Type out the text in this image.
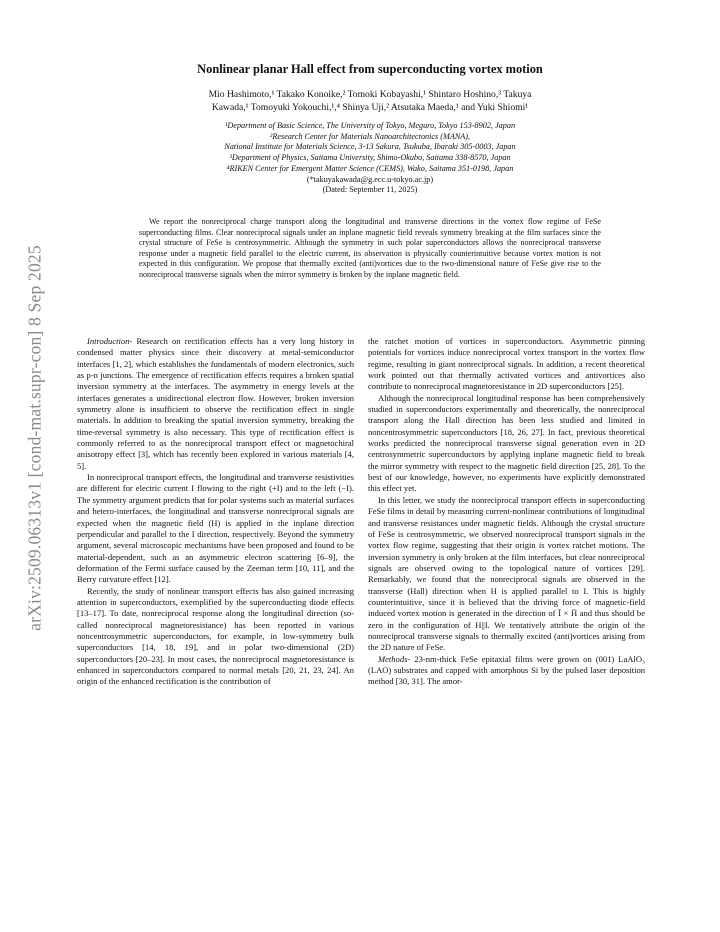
arXiv:2509.06313v1 [cond-mat.supr-con] 8 Sep 2025
Nonlinear planar Hall effect from superconducting vortex motion
Mio Hashimoto,¹ Takako Konoike,² Tomoki Kobayashi,¹ Shintaro Hoshino,³ Takuya
Kawada,¹ Tomoyuki Yokouchi,¹,⁴ Shinya Uji,² Atsutaka Maeda,¹ and Yuki Shiomi¹
¹Department of Basic Science, The University of Tokyo, Meguro, Tokyo 153-8902, Japan
²Research Center for Materials Nanoarchitectonics (MANA),
National Institute for Materials Science, 3-13 Sakura, Tsukuba, Ibaraki 305-0003, Japan
³Department of Physics, Saitama University, Shimo-Okubo, Saitama 338-8570, Japan
⁴RIKEN Center for Emergent Matter Science (CEMS), Wako, Saitama 351-0198, Japan
(*takuyakawada@g.ecc.u-tokyo.ac.jp)
(Dated: September 11, 2025)
We report the nonreciprocal charge transport along the longitudinal and transverse directions in the vortex flow regime of FeSe superconducting films. Clear nonreciprocal signals under an inplane magnetic field reveals symmetry breaking at the film surfaces since the crystal structure of FeSe is centrosymmetric. Although the symmetry in such polar superconductors allows the nonreciprocal transverse response under a magnetic field parallel to the electric current, its observation is physically counterintuitive because vortex motion is not expected in this configuration. We propose that thermally excited (anti)vortices due to the two-dimensional nature of FeSe give rise to the nonreciprocal transverse signals when the mirror symmetry is broken by the inplane magnetic field.

Introduction- Research on rectification effects has a very long history in condensed matter physics since their discovery at metal-semiconductor interfaces [1, 2], which establishes the fundamentals of modern electronics, such as p-n junctions. The emergence of rectification effects requires a broken spatial inversion symmetry at the interfaces. The asymmetry in energy levels at the interfaces generates a unidirectional electron flow. However, broken inversion symmetry alone is insufficient to observe the rectification effect in single materials. In addition to breaking the spatial inversion symmetry, breaking the time-reversal symmetry is also necessary. This type of rectification effect is commonly referred to as the nonreciprocal transport effect or magnetochiral anisotropy effect [3], which has recently been explored in various materials [4, 5].

In nonreciprocal transport effects, the longitudinal and transverse resistivities are different for electric current I flowing to the right (+I) and to the left (−I). The symmetry argument predicts that for polar systems such as material surfaces and hetero-interfaces, the longitudinal and transverse nonreciprocal signals are expected when the magnetic field (H) is applied in the inplane direction perpendicular and parallel to the I direction, respectively. Beyond the symmetry argument, several microscopic mechanisms have been proposed and found to be material-dependent, such as an asymmetric electron scattering [6–9], the deformation of the Fermi surface caused by the Zeeman term [10, 11], and the Berry curvature effect [12].

Recently, the study of nonlinear transport effects has also gained increasing attention in superconductors, exemplified by the superconducting diode effects [13–17]. To date, nonreciprocal response along the longitudinal direction (so-called nonreciprocal magnetoresistance) has been reported in various noncentrosymmetric superconductors, for example, in low-symmetry bulk superconductors [14, 18, 19], and in polar two-dimensional (2D) superconductors [20–23]. In most cases, the nonreciprocal magnetoresistance is enhanced in superconductors compared to normal metals [20, 21, 23, 24]. An origin of the enhanced rectification is the contribution of

the ratchet motion of vortices in superconductors. Asymmetric pinning potentials for vortices induce nonreciprocal vortex transport in the vortex flow regime, resulting in giant nonreciprocal signals. In addition, a recent theoretical work pointed out that thermally activated vortices and antivortices also contribute to nonreciprocal magnetoresistance in 2D superconductors [25].

Although the nonreciprocal longitudinal response has been comprehensively studied in superconductors experimentally and theoretically, the nonreciprocal transport along the Hall direction has been less studied and limited in noncentrosymmetric superconductors [18, 26, 27]. In fact, previous theoretical works predicted the nonreciprocal transverse signal generation even in 2D centrosymmetric superconductors by applying inplane magnetic field to break the mirror symmetry with respect to the magnetic field direction [25, 28]. To the best of our knowledge, however, no experiments have explicitly demonstrated this effect yet.

In this letter, we study the nonreciprocal transport effects in superconducting FeSe films in detail by measuring current-nonlinear contributions of longitudinal and transverse resistances under magnetic fields. Although the crystal structure of FeSe is centrosymmetric, we observed nonreciprocal transport signals in the vortex flow regime, suggesting that their origin is vortex ratchet motions. The inversion symmetry is only broken at the film interfaces, but clear nonreciprocal signals are observed owing to the topological nature of vortices [29]. Remarkably, we found that the nonreciprocal signals are observed in the transverse (Hall) direction when H is applied parallel to I. This is highly counterintuitive, since it is believed that the driving force of magnetic-field induced vortex motion is generated in the direction of Ī × H̄ and thus should be zero in the configuration of H||I. We tentatively attribute the origin of the nonreciprocal transverse signals to thermally excited (anti)vortices arising from the 2D nature of FeSe.

Methods- 23-nm-thick FeSe epitaxial films were grown on (001) LaAlO₃ (LAO) substrates and capped with amorphous Si by the pulsed laser deposition method [30, 31]. The amor-
